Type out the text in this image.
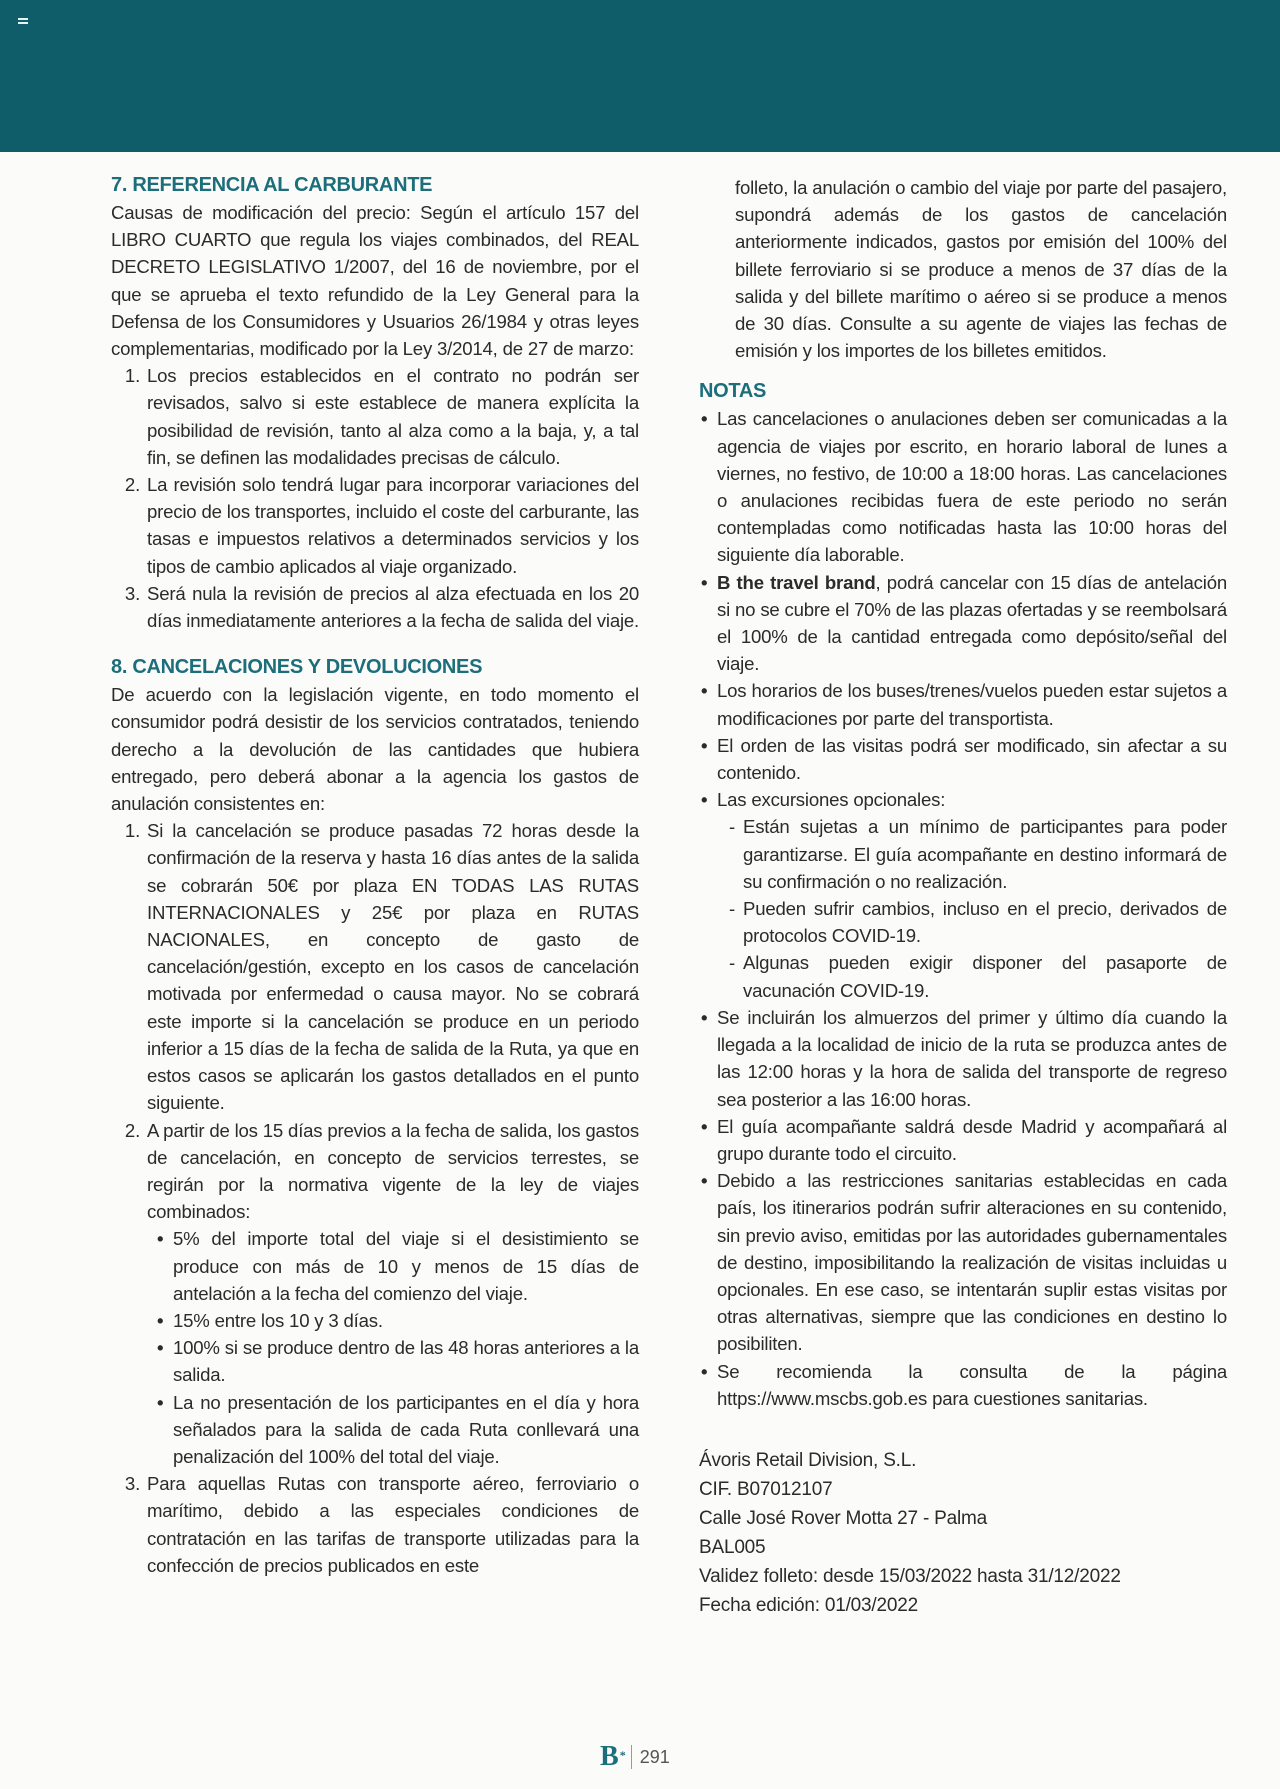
7. REFERENCIA AL CARBURANTE

Causas de modificación del precio: Según el artículo 157 del LIBRO CUARTO que regula los viajes combinados, del REAL DECRETO LEGISLATIVO 1/2007, del 16 de noviembre, por el que se aprueba el texto refundido de la Ley General para la Defensa de los Consumidores y Usuarios 26/1984 y otras leyes complementarias, modificado por la Ley 3/2014, de 27 de marzo:

1. Los precios establecidos en el contrato no podrán ser revisados, salvo si este establece de manera explícita la posibilidad de revisión, tanto al alza como a la baja, y, a tal fin, se definen las modalidades precisas de cálculo.
2. La revisión solo tendrá lugar para incorporar variaciones del precio de los transportes, incluido el coste del carburante, las tasas e impuestos relativos a determinados servicios y los tipos de cambio aplicados al viaje organizado.
3. Será nula la revisión de precios al alza efectuada en los 20 días inmediatamente anteriores a la fecha de salida del viaje.
8. CANCELACIONES Y DEVOLUCIONES

De acuerdo con la legislación vigente, en todo momento el consumidor podrá desistir de los servicios contratados, teniendo derecho a la devolución de las cantidades que hubiera entregado, pero deberá abonar a la agencia los gastos de anulación consistentes en:

1. Si la cancelación se produce pasadas 72 horas desde la confirmación de la reserva y hasta 16 días antes de la salida se cobrarán 50€ por plaza EN TODAS LAS RUTAS INTERNACIONALES y 25€ por plaza en RUTAS NACIONALES, en concepto de gasto de cancelación/gestión, excepto en los casos de cancelación motivada por enfermedad o causa mayor. No se cobrará este importe si la cancelación se produce en un periodo inferior a 15 días de la fecha de salida de la Ruta, ya que en estos casos se aplicarán los gastos detallados en el punto siguiente.
2. A partir de los 15 días previos a la fecha de salida, los gastos de cancelación, en concepto de servicios terrestes, se regirán por la normativa vigente de la ley de viajes combinados:
• 5% del importe total del viaje si el desistimiento se produce con más de 10 y menos de 15 días de antelación a la fecha del comienzo del viaje.
• 15% entre los 10 y 3 días.
• 100% si se produce dentro de las 48 horas anteriores a la salida.
• La no presentación de los participantes en el día y hora señalados para la salida de cada Ruta conllevará una penalización del 100% del total del viaje.
3. Para aquellas Rutas con transporte aéreo, ferroviario o marítimo, debido a las especiales condiciones de contratación en las tarifas de transporte utilizadas para la confección de precios publicados en este

folleto, la anulación o cambio del viaje por parte del pasajero, supondrá además de los gastos de cancelación anteriormente indicados, gastos por emisión del 100% del billete ferroviario si se produce a menos de 37 días de la salida y del billete marítimo o aéreo si se produce a menos de 30 días. Consulte a su agente de viajes las fechas de emisión y los importes de los billetes emitidos.

NOTAS
• Las cancelaciones o anulaciones deben ser comunicadas a la agencia de viajes por escrito, en horario laboral de lunes a viernes, no festivo, de 10:00 a 18:00 horas. Las cancelaciones o anulaciones recibidas fuera de este periodo no serán contempladas como notificadas hasta las 10:00 horas del siguiente día laborable.
• B the travel brand, podrá cancelar con 15 días de antelación si no se cubre el 70% de las plazas ofertadas y se reembolsará el 100% de la cantidad entregada como depósito/señal del viaje.
• Los horarios de los buses/trenes/vuelos pueden estar sujetos a modificaciones por parte del transportista.
• El orden de las visitas podrá ser modificado, sin afectar a su contenido.
• Las excursiones opcionales:
- Están sujetas a un mínimo de participantes para poder garantizarse. El guía acompañante en destino informará de su confirmación o no realización.
- Pueden sufrir cambios, incluso en el precio, derivados de protocolos COVID-19.
- Algunas pueden exigir disponer del pasaporte de vacunación COVID-19.
• Se incluirán los almuerzos del primer y último día cuando la llegada a la localidad de inicio de la ruta se produzca antes de las 12:00 horas y la hora de salida del transporte de regreso sea posterior a las 16:00 horas.
• El guía acompañante saldrá desde Madrid y acompañará al grupo durante todo el circuito.
• Debido a las restricciones sanitarias establecidas en cada país, los itinerarios podrán sufrir alteraciones en su contenido, sin previo aviso, emitidas por las autoridades gubernamentales de destino, imposibilitando la realización de visitas incluidas u opcionales. En ese caso, se intentarán suplir estas visitas por otras alternativas, siempre que las condiciones en destino lo posibiliten.
• Se recomienda la consulta de la página https://www.mscbs.gob.es para cuestiones sanitarias.
Ávoris Retail Division, S.L.
CIF. B07012107
Calle José Rover Motta 27 - Palma
BAL005
Validez folleto: desde 15/03/2022 hasta 31/12/2022
Fecha edición: 01/03/2022
B * 291
